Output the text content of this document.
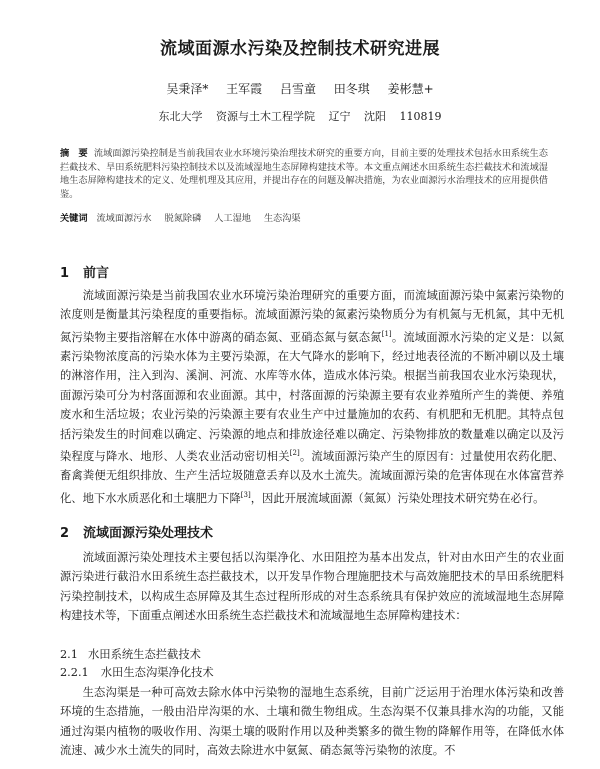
流域面源水污染及控制技术研究进展
吴秉泽* 王军霞 吕雪童 田冬琪 姜彬慧+
东北大学 资源与土木工程学院 辽宁 沈阳 110819
摘　要 流域面源污染控制是当前我国农业水环境污染治理技术研究的重要方向，目前主要的处理技术包括水田系统生态拦截技术、旱田系统肥料污染控制技术以及流域湿地生态屏障构建技术等。本文重点阐述水田系统生态拦截技术和流域湿地生态屏障构建技术的定义、处理机理及其应用，并提出存在的问题及解决措施，为农业面源污水治理技术的应用提供借鉴。
关键词 流域面源污水 脱氮除磷 人工湿地 生态沟渠
1 前言
流域面源污染是当前我国农业水环境污染治理研究的重要方面，而流域面源污染中氮素污染物的浓度则是衡量其污染程度的重要指标。流域面源污染的氮素污染物质分为有机氮与无机氮，其中无机氮污染物主要指溶解在水体中游离的硝态氮、亚硝态氮与氨态氮[1]。流域面源水污染的定义是：以氮素污染物浓度高的污染水体为主要污染源，在大气降水的影响下，经过地表径流的不断冲刷以及土壤的淋溶作用，注入到沟、溪涧、河流、水库等水体，造成水体污染。根据当前我国农业水污染现状，面源污染可分为村落面源和农业面源。其中，村落面源的污染源主要有农业养殖所产生的粪便、养殖废水和生活垃圾；农业污染的污染源主要有农业生产中过量施加的农药、有机肥和无机肥。其特点包括污染发生的时间难以确定、污染源的地点和排放途径难以确定、污染物排放的数量难以确定以及污染程度与降水、地形、人类农业活动密切相关[2]。流域面源污染产生的原因有：过量使用农药化肥、畜禽粪便无组织排放、生产生活垃圾随意丢弃以及水土流失。流域面源污染的危害体现在水体富营养化、地下水水质恶化和土壤肥力下降[3]，因此开展流域面源（氮氮）污染处理技术研究势在必行。
2 流域面源污染处理技术
流域面源污染处理技术主要包括以沟渠净化、水田阻控为基本出发点，针对由水田产生的农业面源污染进行截沿水田系统生态拦截技术，以开发旱作物合理施肥技术与高效施肥技术的旱田系统肥料污染控制技术，以构成生态屏障及其生态过程所形成的对生态系统具有保护效应的流域湿地生态屏障构建技术等，下面重点阐述水田系统生态拦截技术和流域湿地生态屏障构建技术：
2.1 水田系统生态拦截技术
2.2.1 水田生态沟渠净化技术
生态沟渠是一种可高效去除水体中污染物的湿地生态系统，目前广泛运用于治理水体污染和改善环境的生态措施，一般由沿岸沟渠的水、土壤和微生物组成。生态沟渠不仅兼具排水沟的功能，又能通过沟渠内植物的吸收作用、沟渠土壤的吸附作用以及种类繁多的微生物的降解作用等，在降低水体流速、减少水土流失的同时，高效去除进水中氨氮、硝态氮等污染物的浓度。不
